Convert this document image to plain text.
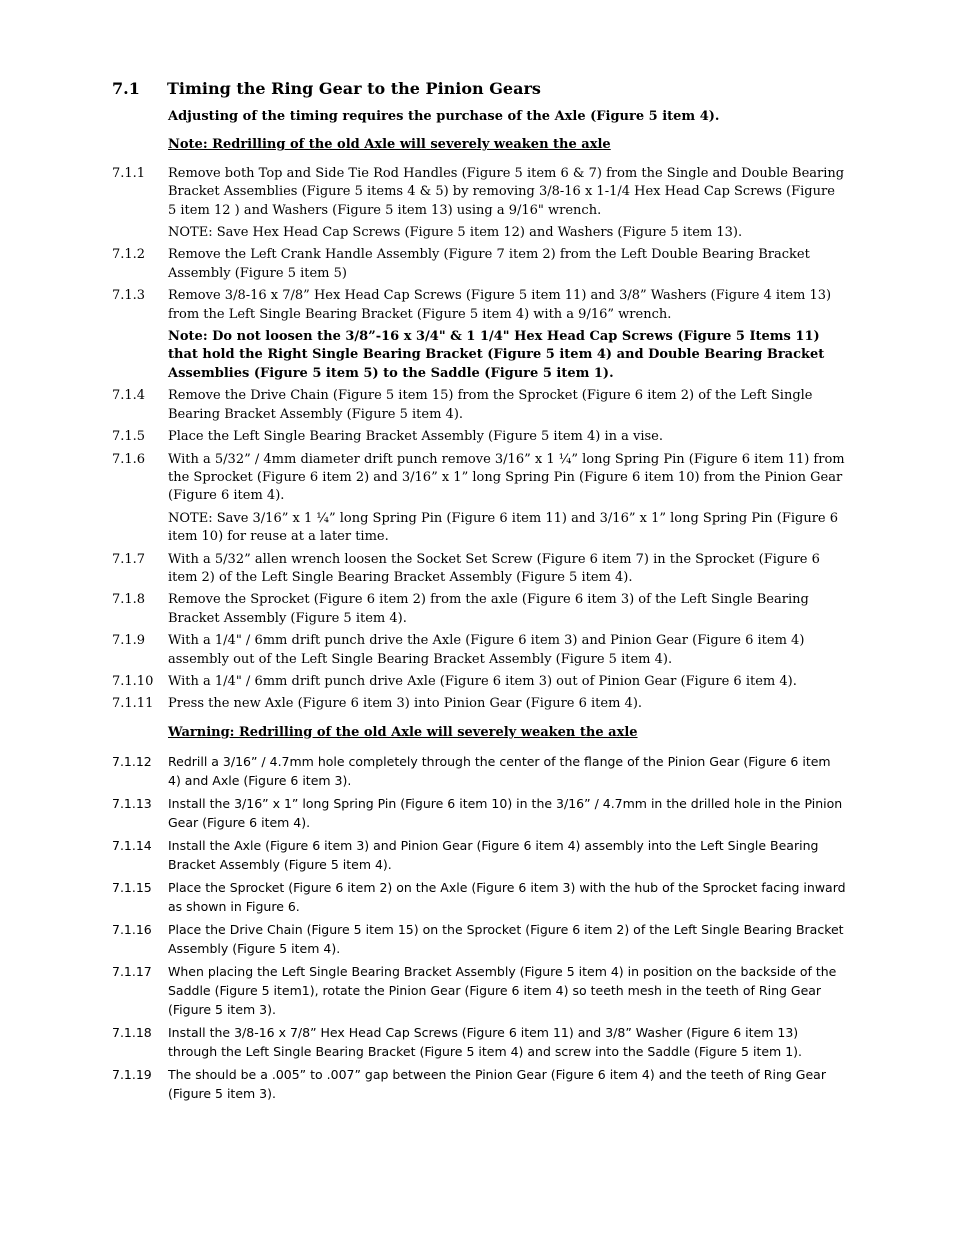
7.1 Timing the Ring Gear to the Pinion Gears
Adjusting of the timing requires the purchase of the Axle (Figure 5 item 4).
Note: Redrilling of the old Axle will severely weaken the axle
7.1.1	Remove both Top and Side Tie Rod Handles (Figure 5 item 6 & 7) from the Single and Double Bearing Bracket Assemblies (Figure 5 items 4 & 5) by removing 3/8-16 x 1-1/4 Hex Head Cap Screws (Figure 5 item 12 ) and Washers (Figure 5 item 13) using a 9/16" wrench.
NOTE: Save Hex Head Cap Screws (Figure 5 item 12) and Washers (Figure 5 item 13).
7.1.2	Remove the Left Crank Handle Assembly (Figure 7 item 2) from the Left Double Bearing Bracket Assembly (Figure 5 item 5)
7.1.3	Remove 3/8-16 x 7/8” Hex Head Cap Screws (Figure 5 item 11) and 3/8” Washers (Figure 4 item 13) from the Left Single Bearing Bracket (Figure 5 item 4) with a 9/16” wrench.
Note: Do not loosen the 3/8”-16 x 3/4" & 1 1/4" Hex Head Cap Screws (Figure 5 Items 11) that hold the Right Single Bearing Bracket (Figure 5 item 4) and Double Bearing Bracket Assemblies (Figure 5 item 5) to the Saddle (Figure 5 item 1).
7.1.4	Remove the Drive Chain (Figure 5 item 15) from the Sprocket (Figure 6 item 2) of the Left Single Bearing Bracket Assembly (Figure 5 item 4).
7.1.5	Place the Left Single Bearing Bracket Assembly (Figure 5 item 4) in a vise.
7.1.6	With a 5/32” / 4mm diameter drift punch remove 3/16” x 1 ¼” long Spring Pin (Figure 6 item 11) from the Sprocket (Figure 6 item 2) and 3/16” x 1” long Spring Pin (Figure 6 item 10) from the Pinion Gear (Figure 6 item 4).
NOTE: Save 3/16” x 1 ¼” long Spring Pin (Figure 6 item 11) and 3/16” x 1” long Spring Pin (Figure 6 item 10) for reuse at a later time.
7.1.7	With a 5/32” allen wrench loosen the Socket Set Screw (Figure 6 item 7) in the Sprocket (Figure 6 item 2) of the Left Single Bearing Bracket Assembly (Figure 5 item 4).
7.1.8	Remove the Sprocket (Figure 6 item 2) from the axle (Figure 6 item 3) of the Left Single Bearing Bracket Assembly (Figure 5 item 4).
7.1.9	With a 1/4" / 6mm drift punch drive the Axle (Figure 6 item 3) and Pinion Gear (Figure 6 item 4) assembly out of the Left Single Bearing Bracket Assembly (Figure 5 item 4).
7.1.10	With a 1/4" / 6mm drift punch drive Axle (Figure 6 item 3) out of Pinion Gear (Figure 6 item 4).
7.1.11	Press the new Axle (Figure 6 item 3) into Pinion Gear (Figure 6 item 4).
Warning: Redrilling of the old Axle will severely weaken the axle
7.1.12	Redrill a 3/16” / 4.7mm hole completely through the center of the flange of the Pinion Gear (Figure 6 item 4) and Axle (Figure 6 item 3).
7.1.13	Install the 3/16” x 1” long Spring Pin (Figure 6 item 10) in the 3/16” / 4.7mm in the drilled hole in the Pinion Gear (Figure 6 item 4).
7.1.14	Install the Axle (Figure 6 item 3) and Pinion Gear (Figure 6 item 4) assembly into the Left Single Bearing Bracket Assembly (Figure 5 item 4).
7.1.15	Place the Sprocket (Figure 6 item 2) on the Axle (Figure 6 item 3) with the hub of the Sprocket facing inward as shown in Figure 6.
7.1.16	Place the Drive Chain (Figure 5 item 15) on the Sprocket (Figure 6 item 2) of the Left Single Bearing Bracket Assembly (Figure 5 item 4).
7.1.17	When placing the Left Single Bearing Bracket Assembly (Figure 5 item 4) in position on the backside of the Saddle (Figure 5 item1), rotate the Pinion Gear (Figure 6 item 4) so teeth mesh in the teeth of Ring Gear (Figure 5 item 3).
7.1.18	Install the 3/8-16 x 7/8” Hex Head Cap Screws (Figure 6 item 11) and 3/8” Washer (Figure 6 item 13) through the Left Single Bearing Bracket (Figure 5 item 4) and screw into the Saddle (Figure 5 item 1).
7.1.19	The should be a .005” to .007” gap between the Pinion Gear (Figure 6 item 4) and the teeth of Ring Gear (Figure 5 item 3).
